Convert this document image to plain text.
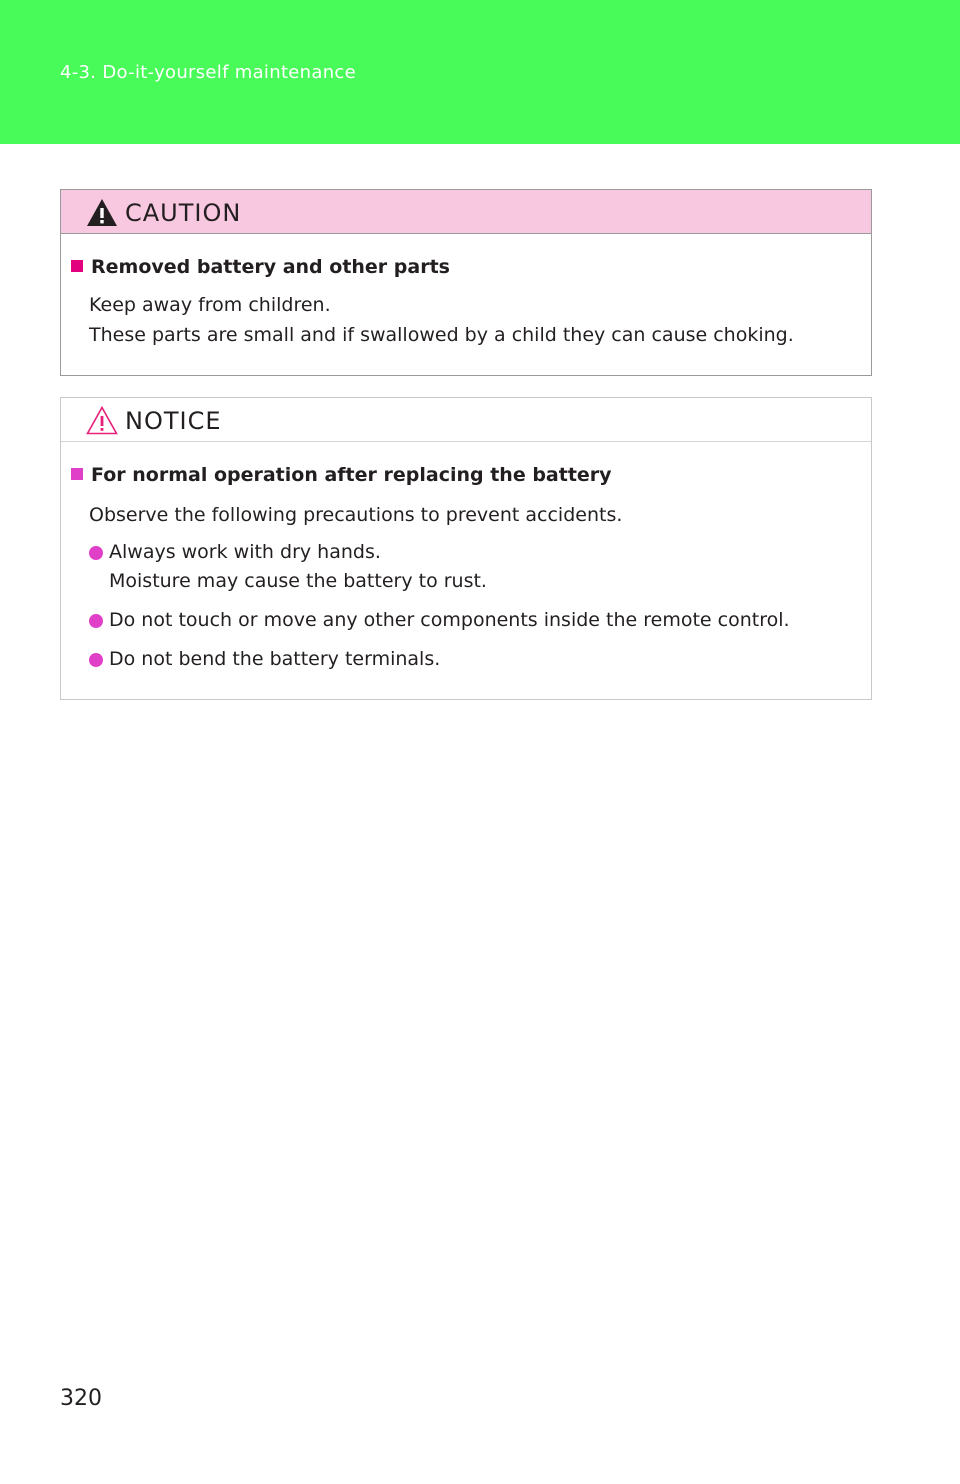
4-3. Do-it-yourself maintenance
CAUTION
Removed battery and other parts
Keep away from children.
These parts are small and if swallowed by a child they can cause choking.
NOTICE
For normal operation after replacing the battery
Observe the following precautions to prevent accidents.
Always work with dry hands.
Moisture may cause the battery to rust.
Do not touch or move any other components inside the remote control.
Do not bend the battery terminals.
320
